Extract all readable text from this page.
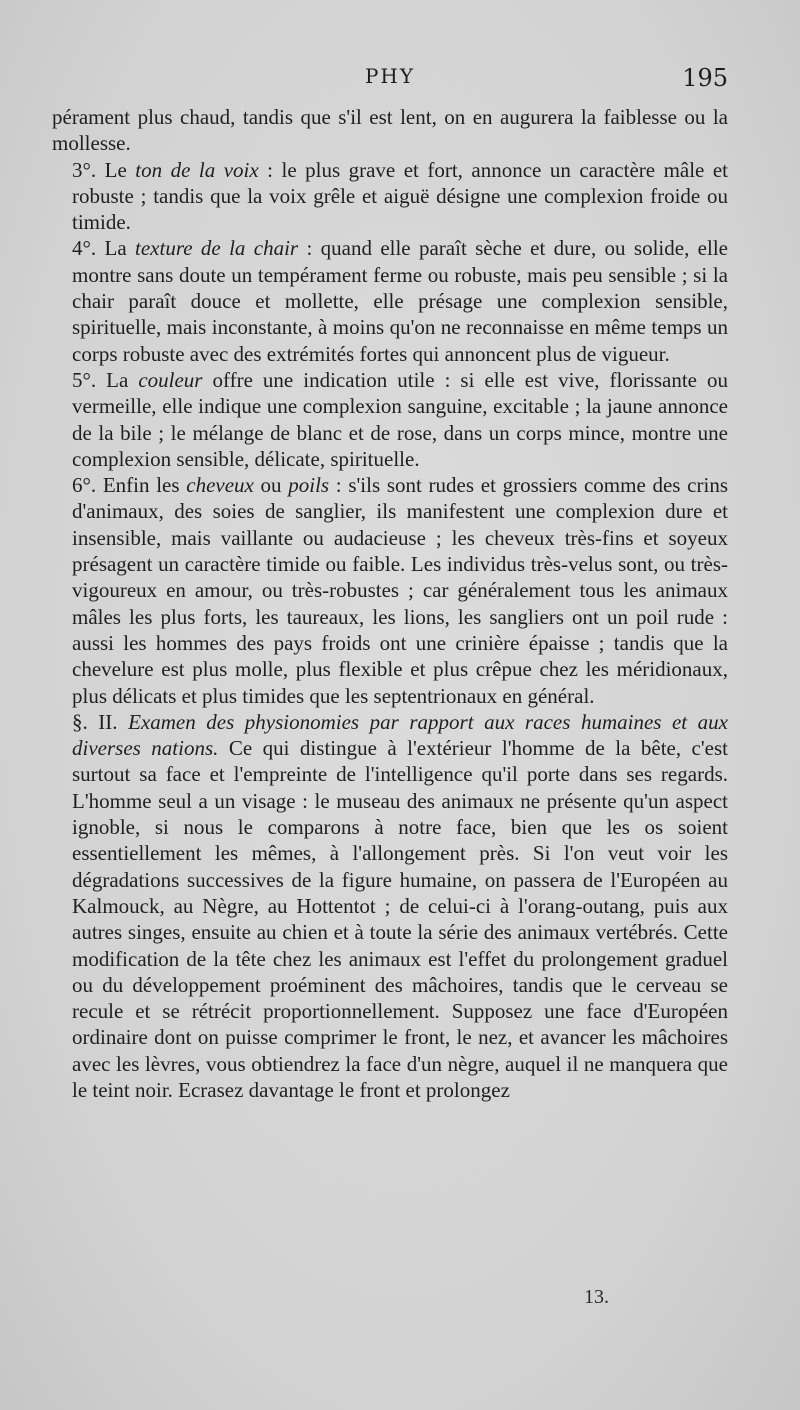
PHY	195

pérament plus chaud, tandis que s'il est lent, on en augurera la faiblesse ou la mollesse.

3°. Le ton de la voix : le plus grave et fort, annonce un caractère mâle et robuste ; tandis que la voix grêle et aiguë désigne une complexion froide ou timide.

4°. La texture de la chair : quand elle paraît sèche et dure, ou solide, elle montre sans doute un tempérament ferme ou robuste, mais peu sensible ; si la chair paraît douce et mollette, elle présage une complexion sensible, spirituelle, mais inconstante, à moins qu'on ne reconnaisse en même temps un corps robuste avec des extrémités fortes qui annoncent plus de vigueur.

5°. La couleur offre une indication utile : si elle est vive, florissante ou vermeille, elle indique une complexion sanguine, excitable ; la jaune annonce de la bile ; le mélange de blanc et de rose, dans un corps mince, montre une complexion sensible, délicate, spirituelle.

6°. Enfin les cheveux ou poils : s'ils sont rudes et grossiers comme des crins d'animaux, des soies de sanglier, ils manifestent une complexion dure et insensible, mais vaillante ou audacieuse ; les cheveux très-fins et soyeux présagent un caractère timide ou faible. Les individus très-velus sont, ou très-vigoureux en amour, ou très-robustes ; car généralement tous les animaux mâles les plus forts, les taureaux, les lions, les sangliers ont un poil rude : aussi les hommes des pays froids ont une crinière épaisse ; tandis que la chevelure est plus molle, plus flexible et plus crêpue chez les méridionaux, plus délicats et plus timides que les septentrionaux en général.

§. II. Examen des physionomies par rapport aux races humaines et aux diverses nations. Ce qui distingue à l'extérieur l'homme de la bête, c'est surtout sa face et l'empreinte de l'intelligence qu'il porte dans ses regards. L'homme seul a un visage : le museau des animaux ne présente qu'un aspect ignoble, si nous le comparons à notre face, bien que les os soient essentiellement les mêmes, à l'allongement près. Si l'on veut voir les dégradations successives de la figure humaine, on passera de l'Européen au Kalmouck, au Nègre, au Hottentot ; de celui-ci à l'orang-outang, puis aux autres singes, ensuite au chien et à toute la série des animaux vertébrés. Cette modification de la tête chez les animaux est l'effet du prolongement graduel ou du développement proéminent des mâchoires, tandis que le cerveau se recule et se rétrécit proportionnellement. Supposez une face d'Européen ordinaire dont on puisse comprimer le front, le nez, et avancer les mâchoires avec les lèvres, vous obtiendrez la face d'un nègre, auquel il ne manquera que le teint noir. Ecrasez davantage le front et prolongez

13.
